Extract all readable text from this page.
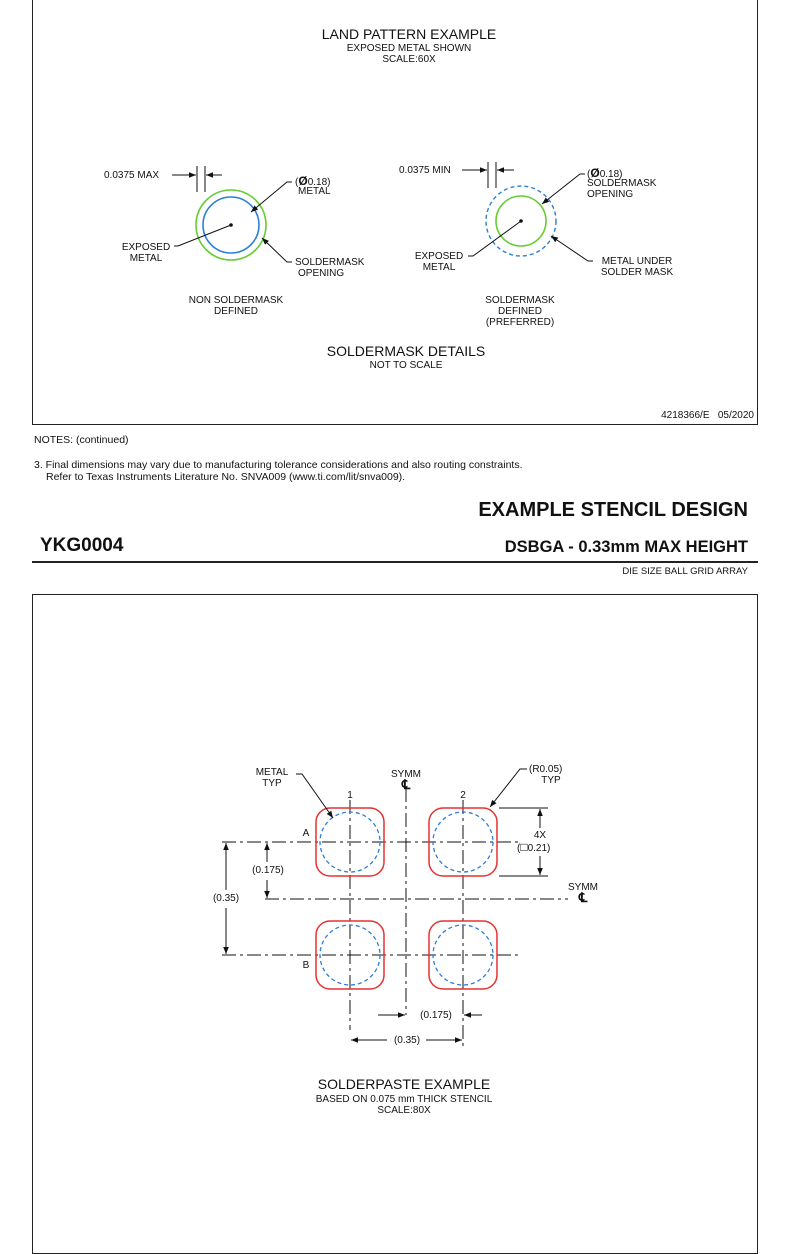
LAND PATTERN EXAMPLE
EXPOSED METAL SHOWN
SCALE:60X
0.0375 MAX
(Ø0.18)
METAL
EXPOSED
METAL	SOLDERMASK
OPENING
NON SOLDERMASK
DEFINED
0.0375 MIN	(Ø0.18)
SOLDERMASK
OPENING
EXPOSED
METAL
METAL UNDER
SOLDER MASK
SOLDERMASK
DEFINED
(PREFERRED)
SOLDERMASK DETAILS
NOT TO SCALE
4218366/E   05/2020
NOTES: (continued)
3. Final dimensions may vary due to manufacturing tolerance considerations and also routing constraints.
Refer to Texas Instruments Literature No. SNVA009 (www.ti.com/lit/snva009).
EXAMPLE STENCIL DESIGN
YKG0004	DSBGA - 0.33mm MAX HEIGHT
DIE SIZE BALL GRID ARRAY
METAL
TYP
SYMM
℄
1	2
A
B
(R0.05)
TYP
4X
(□0.21)
SYMM
℄
(0.175)
(0.35)
(0.175)
(0.35)
SOLDERPASTE EXAMPLE
BASED ON 0.075 mm THICK STENCIL
SCALE:80X
